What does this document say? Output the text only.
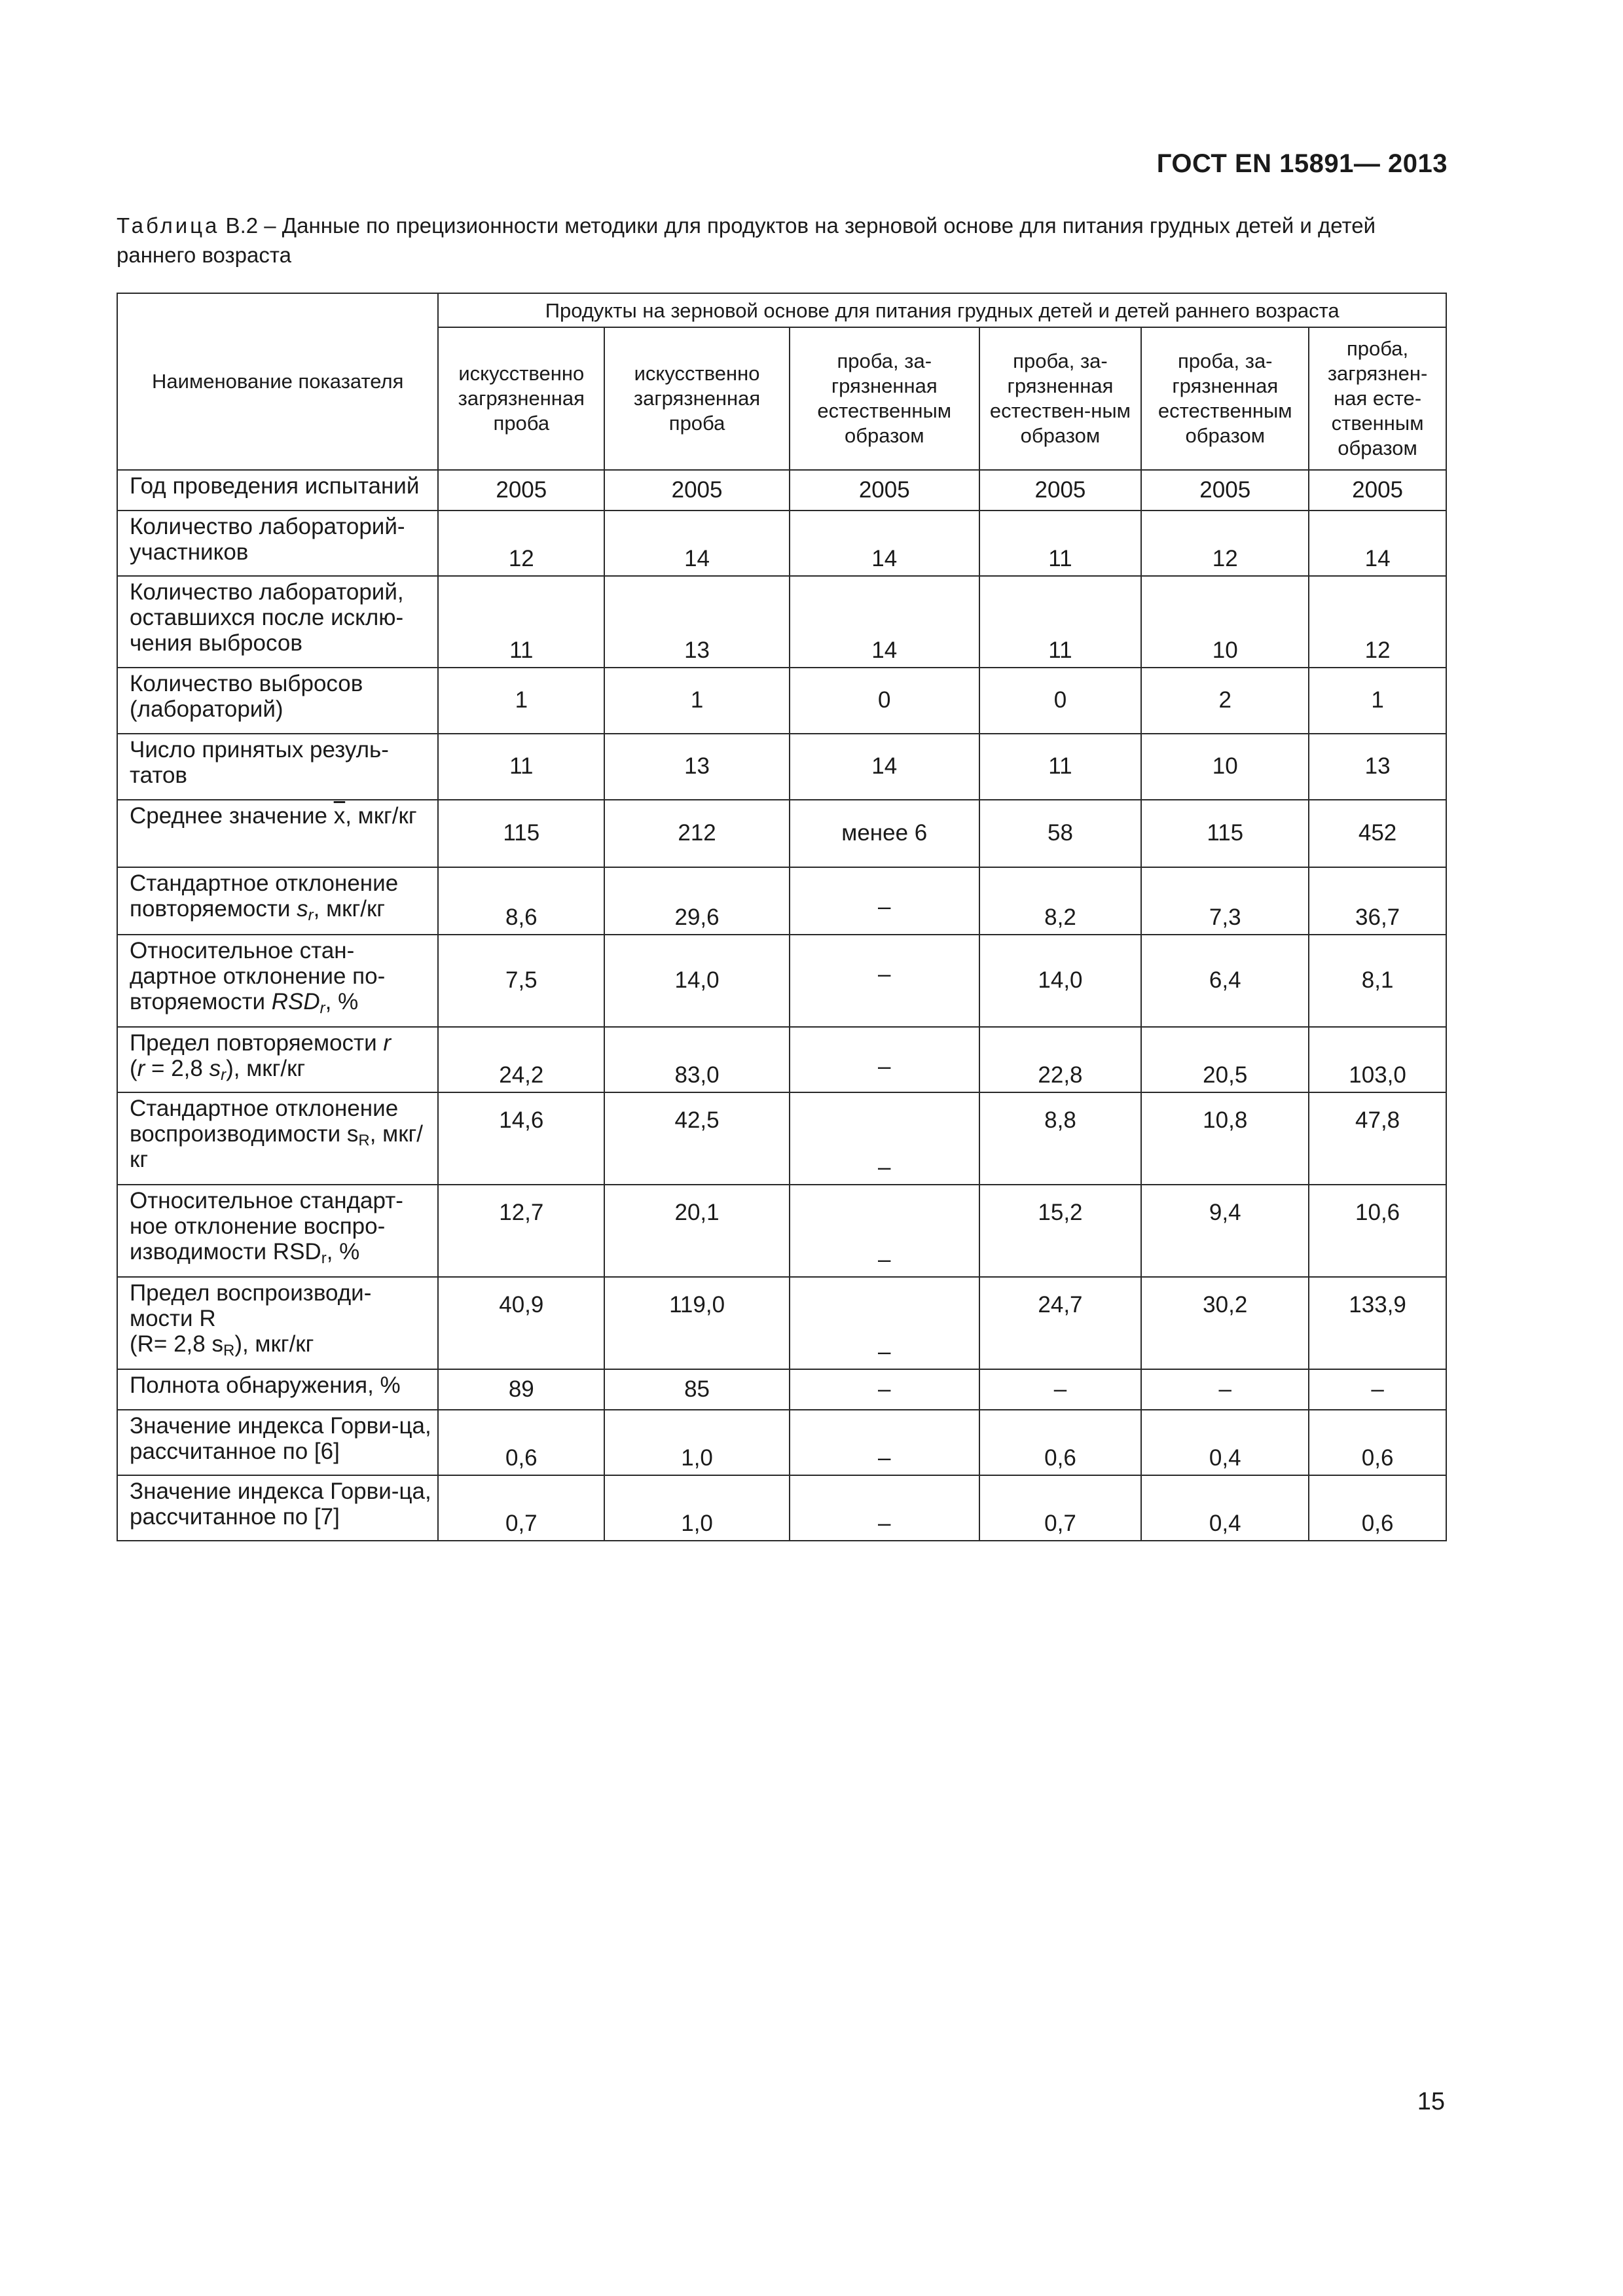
ГОСТ EN 15891— 2013
Таблица В.2 – Данные по прецизионности методики для продуктов на зерновой основе для питания грудных детей и детей раннего возраста
Наименование показателя	Продукты на зерновой основе для питания грудных детей и детей раннего возраста					
	искусственно загрязненная проба	искусственно загрязненная проба	проба, за-грязненная естественным образом	проба, за-грязненная естествен-ным образом	проба, за-грязненная естественным образом	проба, загрязнен-ная есте-ственным образом
Год проведения испытаний	2005	2005	2005	2005	2005	2005
Количество лабораторий-участников	12	14	14	11	12	14
Количество лабораторий, оставшихся после исклю-чения выбросов	11	13	14	11	10	12
Количество выбросов (лабораторий)	1	1	0	0	2	1
Число принятых резуль-татов	11	13	14	11	10	13
Среднее значение $\overline{x}$, мкг/кг	115	212	менее 6	58	115	452
Стандартное отклонение повторяемости $s_r$, мкг/кг	8,6	29,6	–	8,2	7,3	36,7
Относительное стан-дартное отклонение по-вторяемости $RSD_r$, %	7,5	14,0	–	14,0	6,4	8,1
Предел повторяемости r
(r = 2,8 $s_r$), мкг/кг	24,2	83,0	–	22,8	20,5	103,0
Стандартное отклонение воспроизводимости $s_R$, мкг/кг	14,6	42,5	–	8,8	10,8	47,8
Относительное стандарт-ное отклонение воспро-изводимости $RSD_r$, %	12,7	20,1	–	15,2	9,4	10,6
Предел воспроизводи-мости R
(R= 2,8 $s_R$), мкг/кг	40,9	119,0	–	24,7	30,2	133,9
Полнота обнаружения, %	89	85	–	–	–	–
Значение индекса Горви-ца, рассчитанное по [6]	0,6	1,0	–	0,6	0,4	0,6
Значение индекса Горви-ца, рассчитанное по [7]	0,7	1,0	–	0,7	0,4	0,6
15
